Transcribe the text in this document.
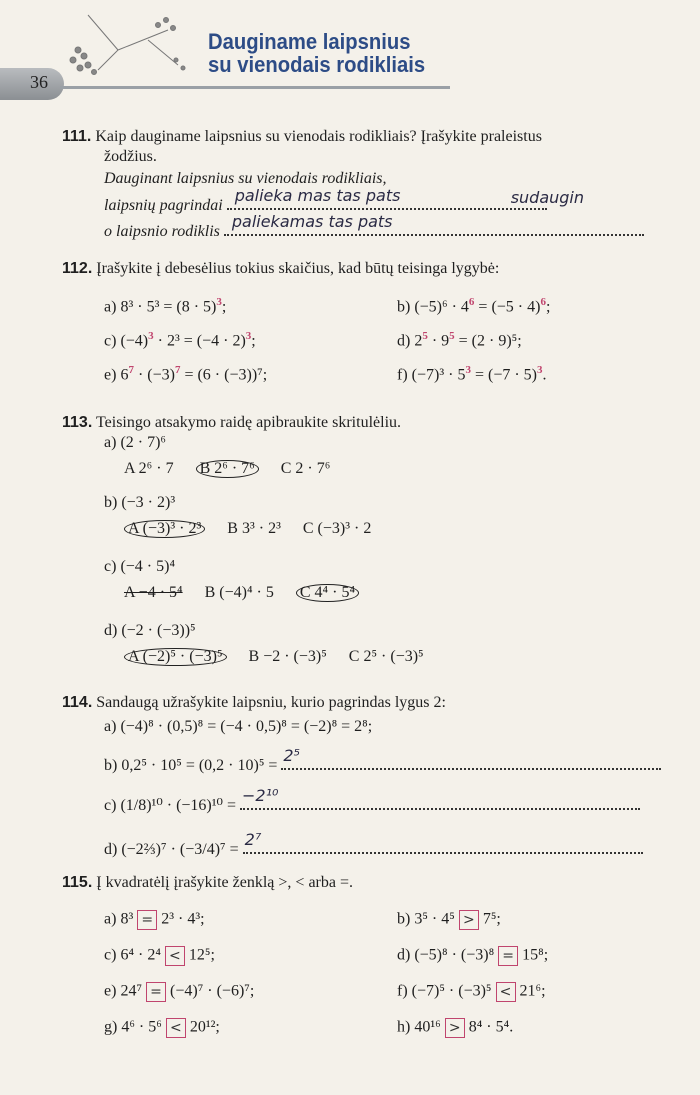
36
Dauginame laipsnius
su vienodais rodikliais
111. Kaip dauginame laipsnius su vienodais rodikliais? Įrašykite praleistus
žodžius.
Dauginant laipsnius su vienodais rodikliais,
laipsnių pagrindai
palieka mas tas pats	sudaugin
o laipsnio rodiklis
paliekamas tas pats
112. Įrašykite į debesėlius tokius skaičius, kad būtų teisinga lygybė:
a) $8^3 \cdot 5^3 = (8 \cdot 5)^3$;	b) $(-5)^6 \cdot 4^6 = (-5 \cdot 4)^6$;
c) $(-4)^3 \cdot 2^3 = (-4 \cdot 2)^3$;	d) $2^5 \cdot 9^5 = (2 \cdot 9)^5$;
e) $6^7 \cdot (-3)^7 = (6 \cdot (-3))^7$;	f) $(-7)^3 \cdot 5^3 = (-7 \cdot 5)^3$.
113. Teisingo atsakymo raidę apibraukite skritulėliu.
a) (2 · 7)⁶
A 2⁶ · 7 B 2⁶ · 7⁶ C 2 · 7⁶
b) (−3 · 2)³
A (−3)³ · 2³ B 3³ · 2³ C (−3)³ · 2
c) (−4 · 5)⁴
A −4 · 5⁴ B (−4)⁴ · 5 C 4⁴ · 5⁴
d) (−2 · (−3))⁵
A (−2)⁵ · (−3)⁵ B −2 · (−3)⁵ C 2⁵ · (−3)⁵
114. Sandaugą užrašykite laipsniu, kurio pagrindas lygus 2:
a) (−4)⁸ · (0,5)⁸ = (−4 · 0,5)⁸ = (−2)⁸ = 2⁸;
b) 0,2⁵ · 10⁵ = (0,2 · 10)⁵ =
2⁵
c) (1/8)¹⁰ · (−16)¹⁰ =
−2¹⁰
d) (−2⅔)⁷ · (−3/4)⁷ =
2⁷
115. Į kvadratėlį įrašykite ženklą >, < arba =.
a) 8³ = 2³ · 4³;	b) 3⁵ · 4⁵ > 7⁵;
c) 6⁴ · 2⁴ < 12⁵;	d) (−5)⁸ · (−3)⁸ = 15⁸;
e) 24⁷ = (−4)⁷ · (−6)⁷;	f) (−7)⁵ · (−3)⁵ < 21⁶;
g) 4⁶ · 5⁶ < 20¹²;	h) 40¹⁶ > 8⁴ · 5⁴.
